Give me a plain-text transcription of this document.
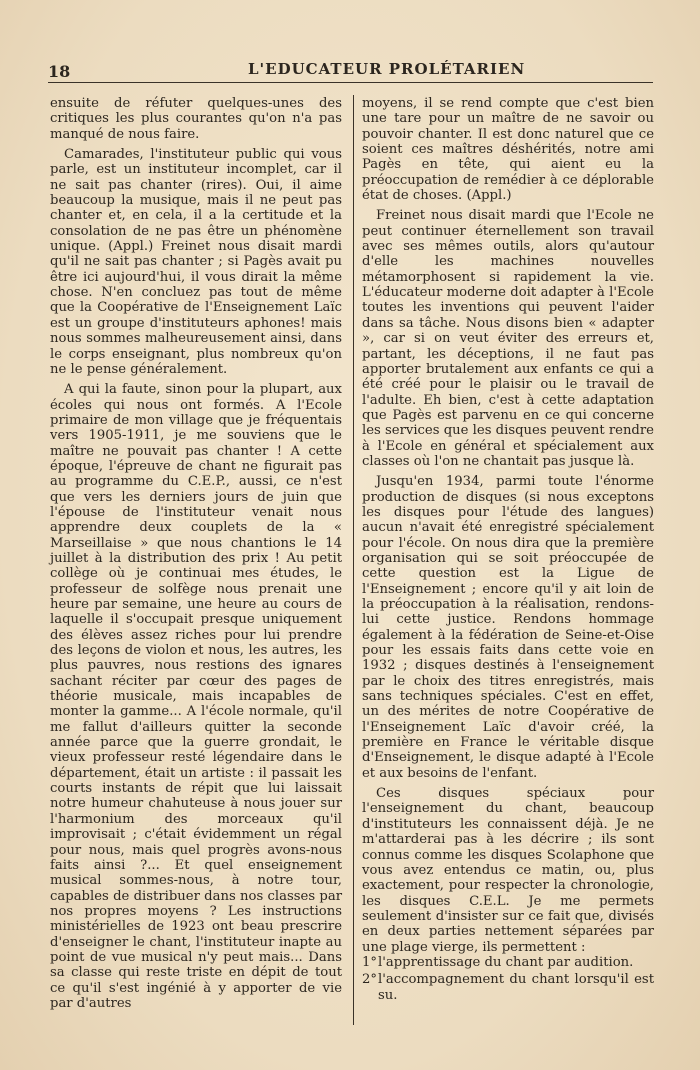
18	L'EDUCATEUR PROLÉTARIEN

ensuite de réfuter quelques-unes des critiques les plus courantes qu'on n'a pas manqué de nous faire.

Camarades, l'instituteur public qui vous parle, est un instituteur incomplet, car il ne sait pas chanter (rires). Oui, il aime beaucoup la musique, mais il ne peut pas chanter et, en cela, il a la certitude et la consolation de ne pas être un phénomène unique. (Appl.) Freinet nous disait mardi qu'il ne sait pas chanter ; si Pagès avait pu être ici aujourd'hui, il vous dirait la même chose. N'en concluez pas tout de même que la Coopérative de l'Enseignement Laïc est un groupe d'instituteurs aphones! mais nous sommes malheureusement ainsi, dans le corps enseignant, plus nombreux qu'on ne le pense généralement.

A qui la faute, sinon pour la plupart, aux écoles qui nous ont formés. A l'Ecole primaire de mon village que je fréquentais vers 1905-1911, je me souviens que le maître ne pouvait pas chanter ! A cette époque, l'épreuve de chant ne figurait pas au programme du C.E.P., aussi, ce n'est que vers les derniers jours de juin que l'épouse de l'instituteur venait nous apprendre deux couplets de la « Marseillaise » que nous chantions le 14 juillet à la distribution des prix ! Au petit collège où je continuai mes études, le professeur de solfège nous prenait une heure par semaine, une heure au cours de laquelle il s'occupait presque uniquement des élèves assez riches pour lui prendre des leçons de violon et nous, les autres, les plus pauvres, nous restions des ignares sachant réciter par cœur des pages de théorie musicale, mais incapables de monter la gamme... A l'école normale, qu'il me fallut d'ailleurs quitter la seconde année parce que la guerre grondait, le vieux professeur resté légendaire dans le département, était un artiste : il passait les courts instants de répit que lui laissait notre humeur chahuteuse à nous jouer sur l'harmonium des morceaux qu'il improvisait ; c'était évidemment un régal pour nous, mais quel progrès avons-nous faits ainsi ?... Et quel enseignement musical sommes-nous, à notre tour, capables de distribuer dans nos classes par nos propres moyens ? Les instructions ministérielles de 1923 ont beau prescrire d'enseigner le chant, l'instituteur inapte au point de vue musical n'y peut mais... Dans sa classe qui reste triste en dépit de tout ce qu'il s'est ingénié à y apporter de vie par d'autres

moyens, il se rend compte que c'est bien une tare pour un maître de ne savoir ou pouvoir chanter. Il est donc naturel que ce soient ces maîtres déshérités, notre ami Pagès en tête, qui aient eu la préoccupation de remédier à ce déplorable état de choses. (Appl.)

Freinet nous disait mardi que l'Ecole ne peut continuer éternellement son travail avec ses mêmes outils, alors qu'autour d'elle les machines nouvelles métamorphosent si rapidement la vie. L'éducateur moderne doit adapter à l'Ecole toutes les inventions qui peuvent l'aider dans sa tâche. Nous disons bien « adapter », car si on veut éviter des erreurs et, partant, les déceptions, il ne faut pas apporter brutalement aux enfants ce qui a été créé pour le plaisir ou le travail de l'adulte. Eh bien, c'est à cette adaptation que Pagès est parvenu en ce qui concerne les services que les disques peuvent rendre à l'Ecole en général et spécialement aux classes où l'on ne chantait pas jusque là.

Jusqu'en 1934, parmi toute l'énorme production de disques (si nous exceptons les disques pour l'étude des langues) aucun n'avait été enregistré spécialement pour l'école. On nous dira que la première organisation qui se soit préoccupée de cette question est la Ligue de l'Enseignement ; encore qu'il y ait loin de la préoccupation à la réalisation, rendons-lui cette justice. Rendons hommage également à la fédération de Seine-et-Oise pour les essais faits dans cette voie en 1932 ; disques destinés à l'enseignement par le choix des titres enregistrés, mais sans techniques spéciales. C'est en effet, un des mérites de notre Coopérative de l'Enseignement Laïc d'avoir créé, la première en France le véritable disque d'Enseignement, le disque adapté à l'Ecole et aux besoins de l'enfant.

Ces disques spéciaux pour l'enseignement du chant, beaucoup d'instituteurs les connaissent déjà. Je ne m'attarderai pas à les décrire ; ils sont connus comme les disques Scolaphone que vous avez entendus ce matin, ou, plus exactement, pour respecter la chronologie, les disques C.E.L. Je me permets seulement d'insister sur ce fait que, divisés en deux parties nettement séparées par une plage vierge, ils permettent :

1° l'apprentissage du chant par audition.
2° l'accompagnement du chant lorsqu'il est su.
